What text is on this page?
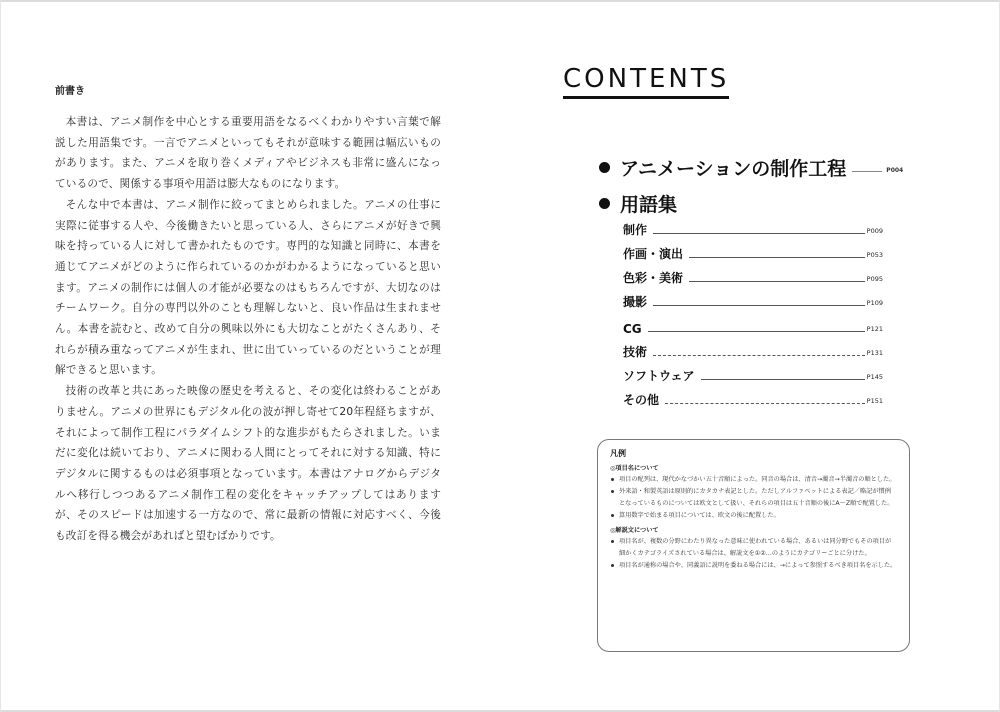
前書き

本書は、アニメ制作を中心とする重要用語をなるべくわかりやすい言葉で解説した用語集です。一言でアニメといってもそれが意味する範囲は幅広いものがあります。また、アニメを取り巻くメディアやビジネスも非常に盛んになっているので、関係する事項や用語は膨大なものになります。

そんな中で本書は、アニメ制作に絞ってまとめられました。アニメの仕事に実際に従事する人や、今後働きたいと思っている人、さらにアニメが好きで興味を持っている人に対して書かれたものです。専門的な知識と同時に、本書を通じてアニメがどのように作られているのかがわかるようになっていると思います。アニメの制作には個人の才能が必要なのはもちろんですが、大切なのはチームワーク。自分の専門以外のことも理解しないと、良い作品は生まれません。本書を読むと、改めて自分の興味以外にも大切なことがたくさんあり、それらが積み重なってアニメが生まれ、世に出ていっているのだということが理解できると思います。

技術の改革と共にあった映像の歴史を考えると、その変化は終わることがありません。アニメの世界にもデジタル化の波が押し寄せて20年程経ちますが、それによって制作工程にパラダイムシフト的な進歩がもたらされました。いまだに変化は続いており、アニメに関わる人間にとってそれに対する知識、特にデジタルに関するものは必須事項となっています。本書はアナログからデジタルへ移行しつつあるアニメ制作工程の変化をキャッチアップしてはありますが、そのスピードは加速する一方なので、常に最新の情報に対応すべく、今後も改訂を得る機会があればと望むばかりです。

CONTENTS
アニメーションの制作工程	P004
用語集
制作	P009
作画・演出	P053
色彩・美術	P095
撮影	P109
CG	P121
技術	P131
ソフトウェア	P145
その他	P151
凡例
◎項目名について
項目の配列は、現代かなづかい五十音順によった。同音の場合は、清音→濁音→半濁音の順とした。
外来語・和製英語は原則的にカタカナ表記とした。ただしアルファベットによる表記／略記が慣例となっているものについては欧文として扱い、それらの項目は五十音順の後にA〜Z順で配置した。
算用数字で始まる項目については、欧文の後に配置した。
◎解説文について
項目名が、複数の分野にわたり異なった意味に使われている場合、あるいは同分野でもその項目が細かくカテゴライズされている場合は、解説文を①②…のようにカテゴリーごとに分けた。
項目名が通称の場合や、同義語に説明を委ねる場合には、→によって参照するべき項目名を示した。
